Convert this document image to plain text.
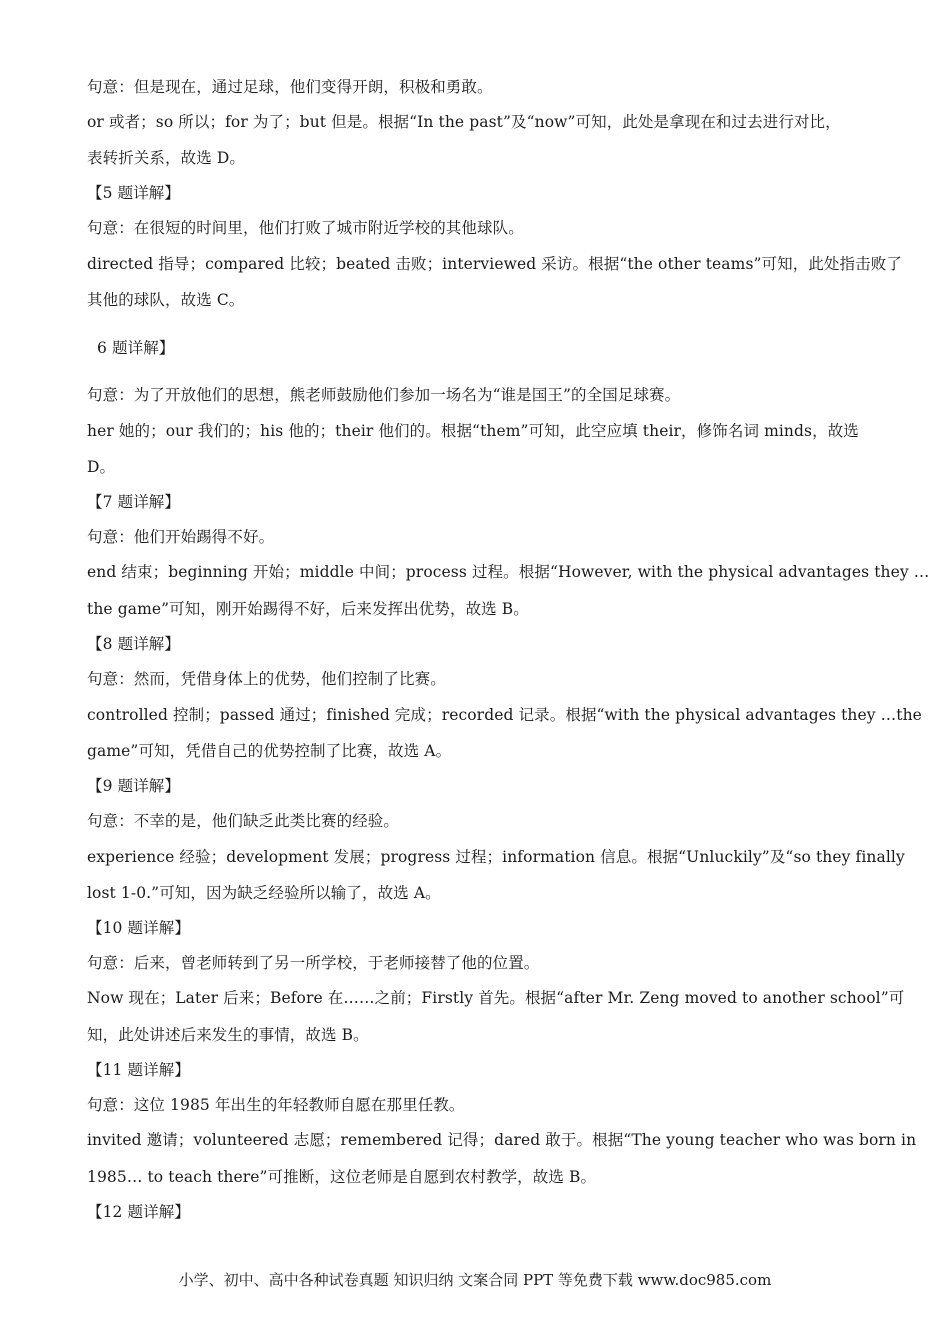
句意：但是现在，通过足球，他们变得开朗，积极和勇敢。
or 或者；so 所以；for 为了；but 但是。根据“In the past”及“now”可知，此处是拿现在和过去进行对比，
表转折关系，故选 D。
【5 题详解】
句意：在很短的时间里，他们打败了城市附近学校的其他球队。
directed 指导；compared 比较；beated 击败；interviewed 采访。根据“the other teams”可知，此处指击败了
其他的球队，故选 C。
6 题详解】
句意：为了开放他们的思想，熊老师鼓励他们参加一场名为“谁是国王”的全国足球赛。
her 她的；our 我们的；his 他的；their 他们的。根据“them”可知，此空应填 their，修饰名词 minds，故选
D。
【7 题详解】
句意：他们开始踢得不好。
end 结束；beginning 开始；middle 中间；process 过程。根据“However, with the physical advantages they …
the game”可知，刚开始踢得不好，后来发挥出优势，故选 B。
【8 题详解】
句意：然而，凭借身体上的优势，他们控制了比赛。
controlled 控制；passed 通过；finished 完成；recorded 记录。根据“with the physical advantages they …the
game”可知，凭借自己的优势控制了比赛，故选 A。
【9 题详解】
句意：不幸的是，他们缺乏此类比赛的经验。
experience 经验；development 发展；progress 过程；information 信息。根据“Unluckily”及“so they finally
lost 1-0.”可知，因为缺乏经验所以输了，故选 A。
【10 题详解】
句意：后来，曾老师转到了另一所学校，于老师接替了他的位置。
Now 现在；Later 后来；Before 在……之前；Firstly 首先。根据“after Mr. Zeng moved to another school”可
知，此处讲述后来发生的事情，故选 B。
【11 题详解】
句意：这位 1985 年出生的年轻教师自愿在那里任教。
invited 邀请；volunteered 志愿；remembered 记得；dared 敢于。根据“The young teacher who was born in
1985… to teach there”可推断，这位老师是自愿到农村教学，故选 B。
【12 题详解】
小学、初中、高中各种试卷真题 知识归纳 文案合同 PPT 等免费下载 www.doc985.com
